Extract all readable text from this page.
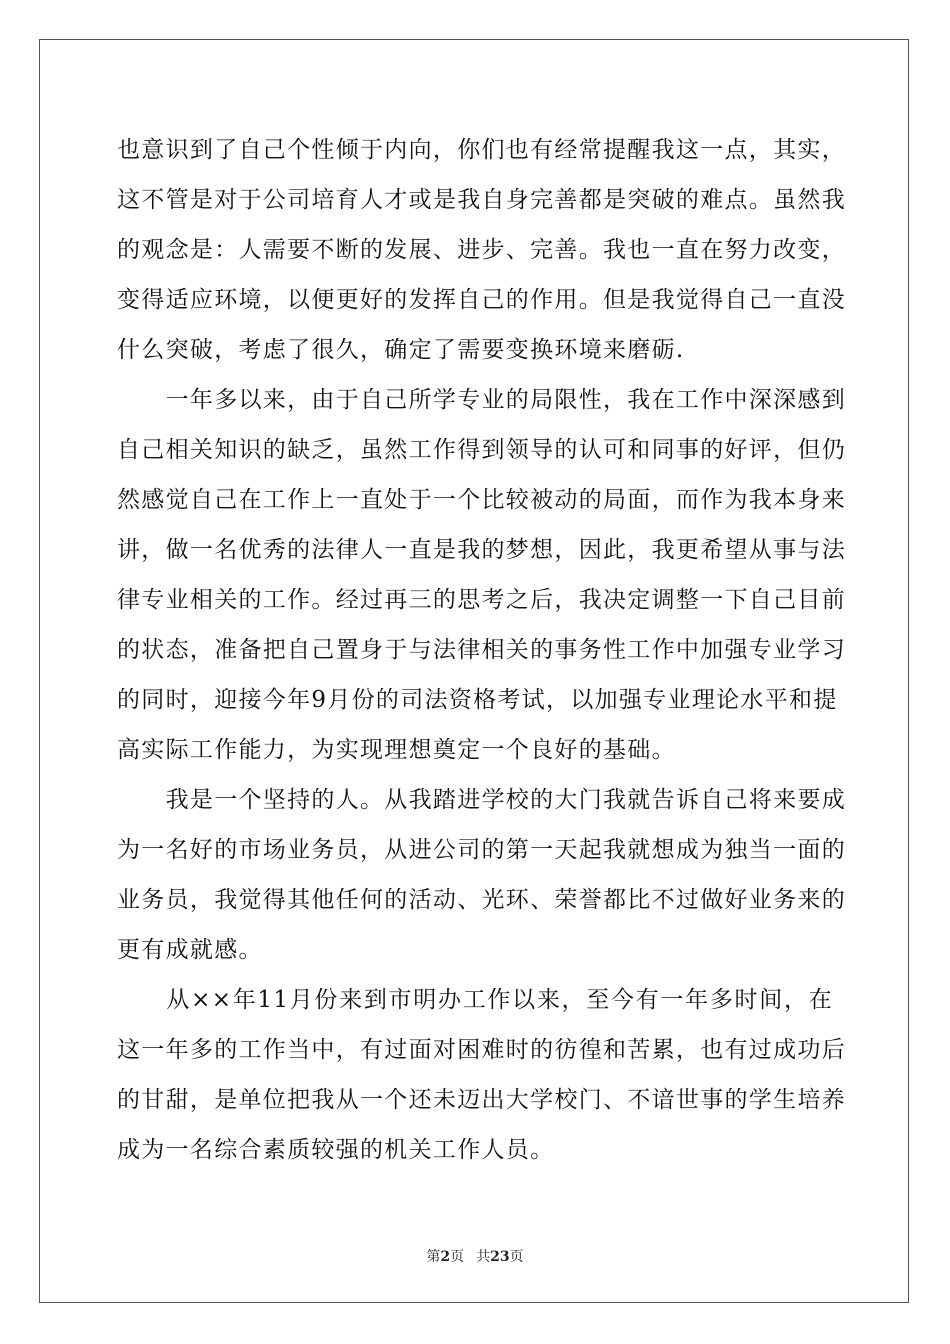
也意识到了自己个性倾于内向，你们也有经常提醒我这一点，其实，
这不管是对于公司培育人才或是我自身完善都是突破的难点。虽然我
的观念是：人需要不断的发展、进步、完善。我也一直在努力改变，
变得适应环境，以便更好的发挥自己的作用。但是我觉得自己一直没
什么突破，考虑了很久，确定了需要变换环境来磨砺.
　　一年多以来，由于自己所学专业的局限性，我在工作中深深感到
自己相关知识的缺乏，虽然工作得到领导的认可和同事的好评，但仍
然感觉自己在工作上一直处于一个比较被动的局面，而作为我本身来
讲，做一名优秀的法律人一直是我的梦想，因此，我更希望从事与法
律专业相关的工作。经过再三的思考之后，我决定调整一下自己目前
的状态，准备把自己置身于与法律相关的事务性工作中加强专业学习
的同时，迎接今年9月份的司法资格考试，以加强专业理论水平和提
高实际工作能力，为实现理想奠定一个良好的基础。
　　我是一个坚持的人。从我踏进学校的大门我就告诉自己将来要成
为一名好的市场业务员，从进公司的第一天起我就想成为独当一面的
业务员，我觉得其他任何的活动、光环、荣誉都比不过做好业务来的
更有成就感。
　　从××年11月份来到市明办工作以来，至今有一年多时间，在
这一年多的工作当中，有过面对困难时的彷徨和苦累，也有过成功后
的甘甜，是单位把我从一个还未迈出大学校门、不谙世事的学生培养
成为一名综合素质较强的机关工作人员。
第2页 共23页
